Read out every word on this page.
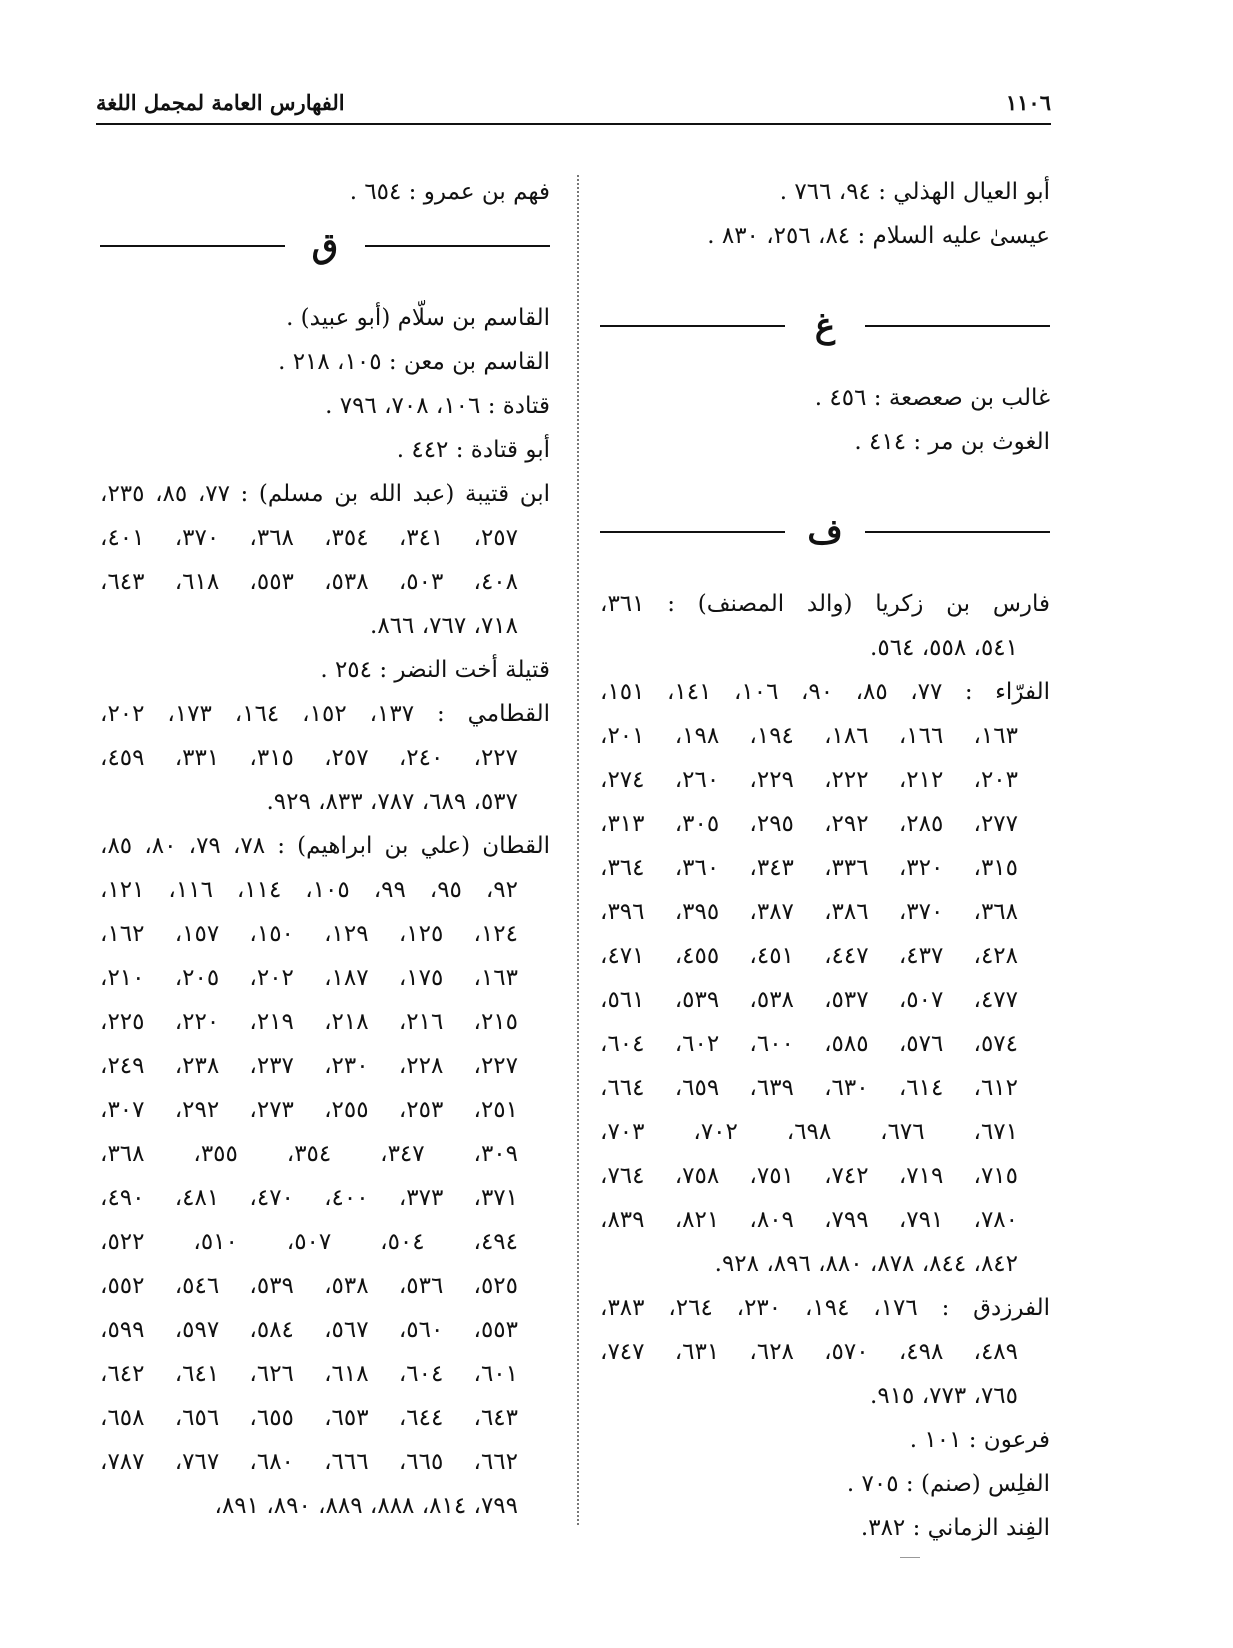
الفهارس العامة لمجمل اللغة	١١٠٦
أبو العيال الهذلي : ٩٤، ٧٦٦ .
عيسىٰ عليه السلام : ٨٤، ٢٥٦، ٨٣٠ .
غ
غالب بن صعصعة : ٤٥٦ .
الغوث بن مر : ٤١٤ .
ف
فارس بن زكريا (والد المصنف) : ٣٦١،
٥٤١، ٥٥٨، ٥٦٤.
الفرّاء : ٧٧، ٨٥، ٩٠، ١٠٦، ١٤١، ١٥١،
١٦٣، ١٦٦، ١٨٦، ١٩٤، ١٩٨، ٢٠١،
٢٠٣، ٢١٢، ٢٢٢، ٢٢٩، ٢٦٠، ٢٧٤،
٢٧٧، ٢٨٥، ٢٩٢، ٢٩٥، ٣٠٥، ٣١٣،
٣١٥، ٣٢٠، ٣٣٦، ٣٤٣، ٣٦٠، ٣٦٤،
٣٦٨، ٣٧٠، ٣٨٦، ٣٨٧، ٣٩٥، ٣٩٦،
٤٢٨، ٤٣٧، ٤٤٧، ٤٥١، ٤٥٥، ٤٧١،
٤٧٧، ٥٠٧، ٥٣٧، ٥٣٨، ٥٣٩، ٥٦١،
٥٧٤، ٥٧٦، ٥٨٥، ٦٠٠، ٦٠٢، ٦٠٤،
٦١٢، ٦١٤، ٦٣٠، ٦٣٩، ٦٥٩، ٦٦٤،
٦٧١، ٦٧٦، ٦٩٨، ٧٠٢، ٧٠٣،
٧١٥، ٧١٩، ٧٤٢، ٧٥١، ٧٥٨، ٧٦٤،
٧٨٠، ٧٩١، ٧٩٩، ٨٠٩، ٨٢١، ٨٣٩،
٨٤٢، ٨٤٤، ٨٧٨، ٨٨٠، ٨٩٦، ٩٢٨.
الفرزدق : ١٧٦، ١٩٤، ٢٣٠، ٢٦٤، ٣٨٣،
٤٨٩، ٤٩٨، ٥٧٠، ٦٢٨، ٦٣١، ٧٤٧،
٧٦٥، ٧٧٣، ٩١٥.
فرعون : ١٠١ .
الفلِس (صنم) : ٧٠٥ .
الفِند الزماني : ٣٨٢.
فهم بن عمرو : ٦٥٤ .
ق
القاسم بن سلّام (أبو عبيد) .
القاسم بن معن : ١٠٥، ٢١٨ .
قتادة : ١٠٦، ٧٠٨، ٧٩٦ .
أبو قتادة : ٤٤٢ .
ابن قتيبة (عبد الله بن مسلم) : ٧٧، ٨٥، ٢٣٥،
٢٥٧، ٣٤١، ٣٥٤، ٣٦٨، ٣٧٠، ٤٠١،
٤٠٨، ٥٠٣، ٥٣٨، ٥٥٣، ٦١٨، ٦٤٣،
٧١٨، ٧٦٧، ٨٦٦.
قتيلة أخت النضر : ٢٥٤ .
القطامي : ١٣٧، ١٥٢، ١٦٤، ١٧٣، ٢٠٢،
٢٢٧، ٢٤٠، ٢٥٧، ٣١٥، ٣٣١، ٤٥٩،
٥٣٧، ٦٨٩، ٧٨٧، ٨٣٣، ٩٢٩.
القطان (علي بن ابراهيم) : ٧٨، ٧٩، ٨٠، ٨٥،
٩٢، ٩٥، ٩٩، ١٠٥، ١١٤، ١١٦، ١٢١،
١٢٤، ١٢٥، ١٢٩، ١٥٠، ١٥٧، ١٦٢،
١٦٣، ١٧٥، ١٨٧، ٢٠٢، ٢٠٥، ٢١٠،
٢١٥، ٢١٦، ٢١٨، ٢١٩، ٢٢٠، ٢٢٥،
٢٢٧، ٢٢٨، ٢٣٠، ٢٣٧، ٢٣٨، ٢٤٩،
٢٥١، ٢٥٣، ٢٥٥، ٢٧٣، ٢٩٢، ٣٠٧،
٣٠٩، ٣٤٧، ٣٥٤، ٣٥٥، ٣٦٨،
٣٧١، ٣٧٣، ٤٠٠، ٤٧٠، ٤٨١، ٤٩٠،
٤٩٤، ٥٠٤، ٥٠٧، ٥١٠، ٥٢٢،
٥٢٥، ٥٣٦، ٥٣٨، ٥٣٩، ٥٤٦، ٥٥٢،
٥٥٣، ٥٦٠، ٥٦٧، ٥٨٤، ٥٩٧، ٥٩٩،
٦٠١، ٦٠٤، ٦١٨، ٦٢٦، ٦٤١، ٦٤٢،
٦٤٣، ٦٤٤، ٦٥٣، ٦٥٥، ٦٥٦، ٦٥٨،
٦٦٢، ٦٦٥، ٦٦٦، ٦٨٠، ٧٦٧، ٧٨٧،
٧٩٩، ٨١٤، ٨٨٨، ٨٨٩، ٨٩٠، ٨٩١،
